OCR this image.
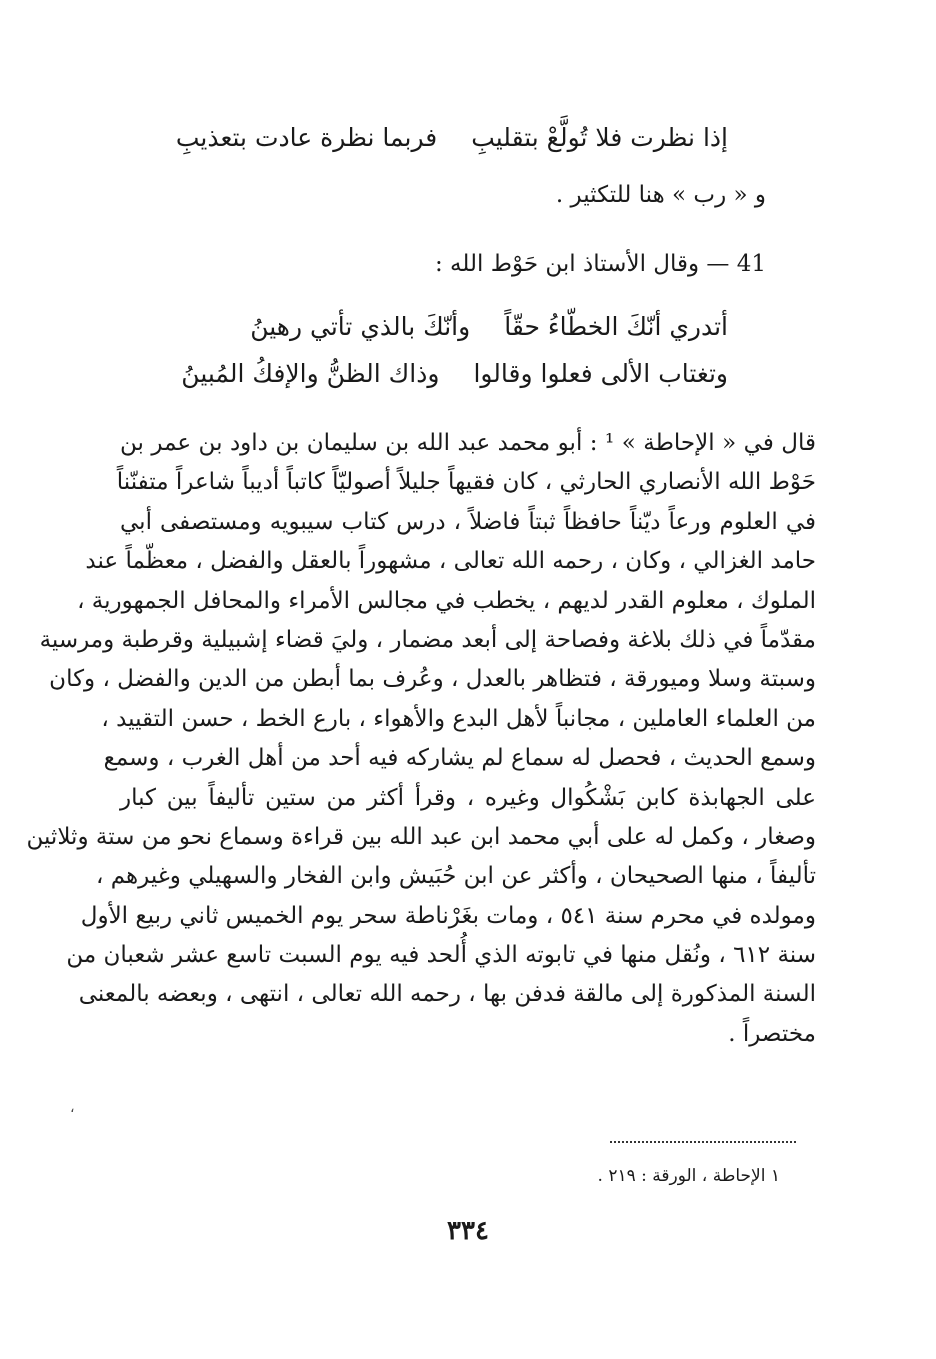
إذا نظرت فلا تُولَّعْ بتقليبِفربما نظرة عادت بتعذيبِ
و « رب » هنا للتكثير .
41 — وقال الأستاذ ابن حَوْط الله :
أتدري أنّكَ الخطّاءُ حقّاًوأنّكَ بالذي تأتي رهينُ
وتغتاب الألى فعلوا وقالواوذاك الظنُّ والإفكُ المُبينُ
قال في « الإحاطة » ¹ : أبو محمد عبد الله بن سليمان بن داود بن عمر بن
حَوْط الله الأنصاري الحارثي ، كان فقيهاً جليلاً أصوليّاً كاتباً أديباً شاعراً متفنّناً
في العلوم ورعاً ديّناً حافظاً ثبتاً فاضلاً ، درس كتاب سيبويه ومستصفى أبي
حامد الغزالي ، وكان ، رحمه الله تعالى ، مشهوراً بالعقل والفضل ، معظّماً عند
الملوك ، معلوم القدر لديهم ، يخطب في مجالس الأمراء والمحافل الجمهورية ،
مقدّماً في ذلك بلاغة وفصاحة إلى أبعد مضمار ، وليَ قضاء إشبيلية وقرطبة ومرسية
وسبتة وسلا وميورقة ، فتظاهر بالعدل ، وعُرف بما أبطن من الدين والفضل ، وكان
من العلماء العاملين ، مجانباً لأهل البدع والأهواء ، بارع الخط ، حسن التقييد ،
وسمع الحديث ، فحصل له سماع لم يشاركه فيه أحد من أهل الغرب ، وسمع
على الجهابذة كابن بَشْكُوال وغيره ، وقرأ أكثر من ستين تأليفاً بين كبار
وصغار ، وكمل له على أبي محمد ابن عبد الله بين قراءة وسماع نحو من ستة وثلاثين
تأليفاً ، منها الصحيحان ، وأكثر عن ابن حُبَيش وابن الفخار والسهيلي وغيرهم ،
ومولده في محرم سنة ٥٤١ ، ومات بغَرْناطة سحر يوم الخميس ثاني ربيع الأول
سنة ٦١٢ ، ونُقل منها في تابوته الذي أُلحد فيه يوم السبت تاسع عشر شعبان من
السنة المذكورة إلى مالقة فدفن بها ، رحمه الله تعالى ، انتهى ، وبعضه بالمعنى
مختصراً .
،
١ الإحاطة ، الورقة : ٢١٩ .
٣٣٤
